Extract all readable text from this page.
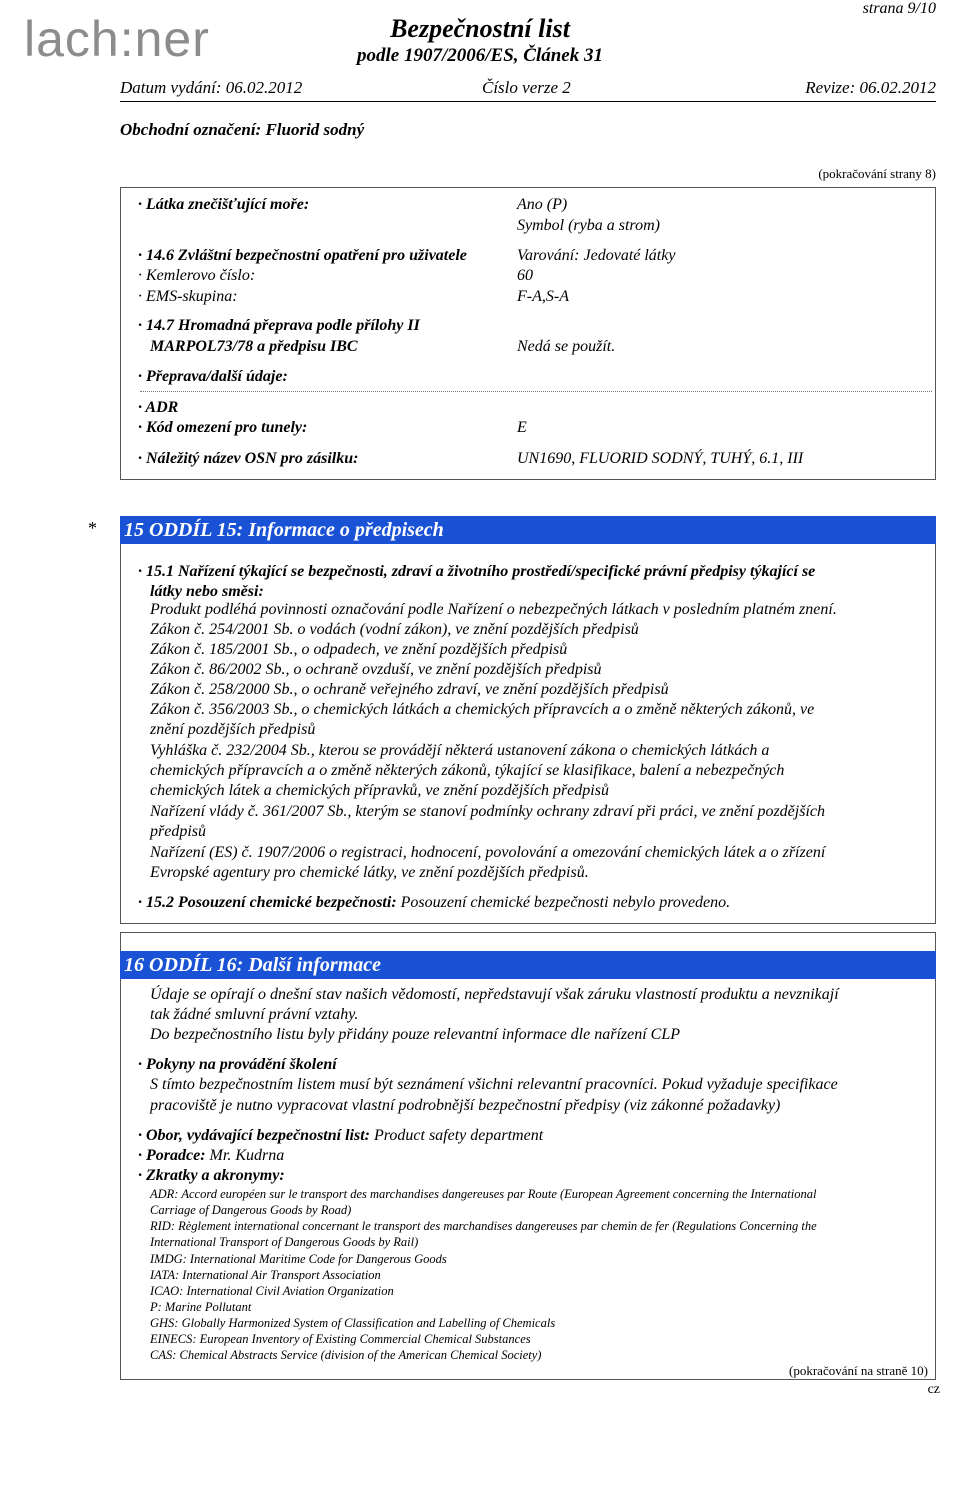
lach:ner	Bezpečnostní list
podle 1907/2006/ES, Článek 31
strana 9/10
Datum vydání: 06.02.2012	Číslo verze 2	Revize: 06.02.2012
Obchodní označení: Fluorid sodný
(pokračování strany 8)
· Látka znečišťující moře:	Ano (P)
Symbol (ryba a strom)
· 14.6 Zvláštní bezpečnostní opatření pro uživatele	Varování: Jedovaté látky
· Kemlerovo číslo:	60
· EMS-skupina:	F-A,S-A
· 14.7 Hromadná přeprava podle přílohy II
MARPOL73/78 a předpisu IBC	Nedá se použít.
· Přeprava/další údaje:
· ADR
· Kód omezení pro tunely:	E
· Náležitý název OSN pro zásilku:	UN1690, FLUORID SODNÝ, TUHÝ, 6.1, III
* 15 ODDÍL 15: Informace o předpisech
· 15.1 Nařízení týkající se bezpečnosti, zdraví a životního prostředí/specifické právní předpisy týkající se
látky nebo směsi:
Produkt podléhá povinnosti označování podle Nařízení o nebezpečných látkach v posledním platném znení.
Zákon č. 254/2001 Sb. o vodách (vodní zákon), ve znění pozdějších předpisů
Zákon č. 185/2001 Sb., o odpadech, ve znění pozdějších předpisů
Zákon č. 86/2002 Sb., o ochraně ovzduší, ve znění pozdějších předpisů
Zákon č. 258/2000 Sb., o ochraně veřejného zdraví, ve znění pozdějších předpisů
Zákon č. 356/2003 Sb., o chemických látkách a chemických přípravcích a o změně některých zákonů, ve
znění pozdějších předpisů
Vyhláška č. 232/2004 Sb., kterou se provádějí některá ustanovení zákona o chemických látkách a
chemických přípravcích a o změně některých zákonů, týkající se klasifikace, balení a nebezpečných
chemických látek a chemických přípravků, ve znění pozdějších předpisů
Nařízení vlády č. 361/2007 Sb., kterým se stanoví podmínky ochrany zdraví při práci, ve znění pozdějších
předpisů
Nařízení (ES) č. 1907/2006 o registraci, hodnocení, povolování a omezování chemických látek a o zřízení
Evropské agentury pro chemické látky, ve znění pozdějších předpisů.
· 15.2 Posouzení chemické bezpečnosti: Posouzení chemické bezpečnosti nebylo provedeno.
16 ODDÍL 16: Další informace
Údaje se opírají o dnešní stav našich vědomostí, nepředstavují však záruku vlastností produktu a nevznikají
tak žádné smluvní právní vztahy.
Do bezpečnostního listu byly přidány pouze relevantní informace dle nařízení CLP
· Pokyny na provádění školení
S tímto bezpečnostním listem musí být seznámení všichni relevantní pracovníci. Pokud vyžaduje specifikace
pracoviště je nutno vypracovat vlastní podrobnější bezpečnostní předpisy (viz zákonné požadavky)
· Obor, vydávající bezpečnostní list: Product safety department
· Poradce: Mr. Kudrna
· Zkratky a akronymy:
ADR: Accord européen sur le transport des marchandises dangereuses par Route (European Agreement concerning the International
Carriage of Dangerous Goods by Road)
RID: Règlement international concernant le transport des marchandises dangereuses par chemin de fer (Regulations Concerning the
International Transport of Dangerous Goods by Rail)
IMDG: International Maritime Code for Dangerous Goods
IATA: International Air Transport Association
ICAO: International Civil Aviation Organization
P: Marine Pollutant
GHS: Globally Harmonized System of Classification and Labelling of Chemicals
EINECS: European Inventory of Existing Commercial Chemical Substances
CAS: Chemical Abstracts Service (division of the American Chemical Society)
(pokračování na straně 10)
cz
